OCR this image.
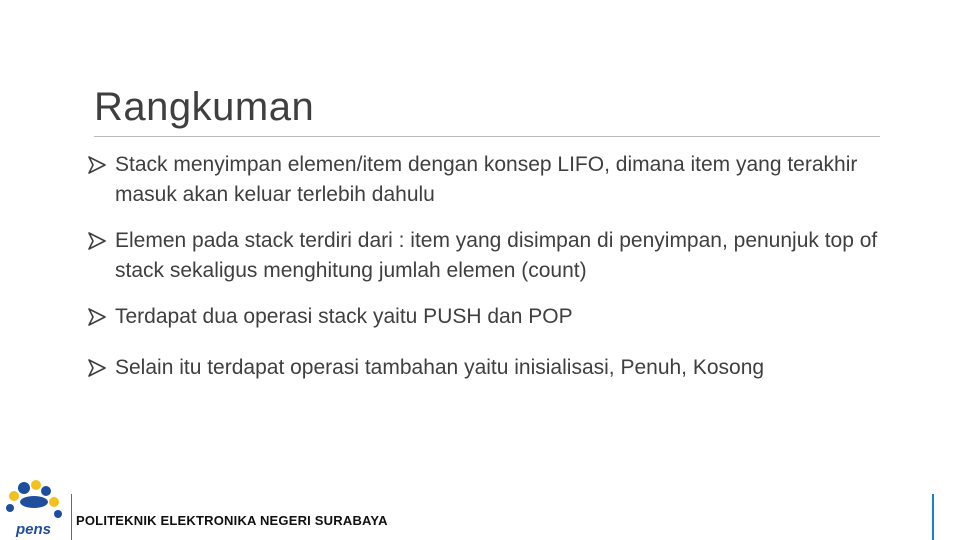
Rangkuman
Stack menyimpan elemen/item dengan konsep LIFO, dimana item yang terakhir masuk akan keluar terlebih dahulu
Elemen pada stack terdiri dari : item yang disimpan di penyimpan, penunjuk top of stack sekaligus menghitung jumlah elemen (count)
Terdapat dua operasi stack yaitu PUSH dan POP
Selain itu terdapat operasi tambahan yaitu inisialisasi, Penuh, Kosong
POLITEKNIK ELEKTRONIKA NEGERI SURABAYA
pens
